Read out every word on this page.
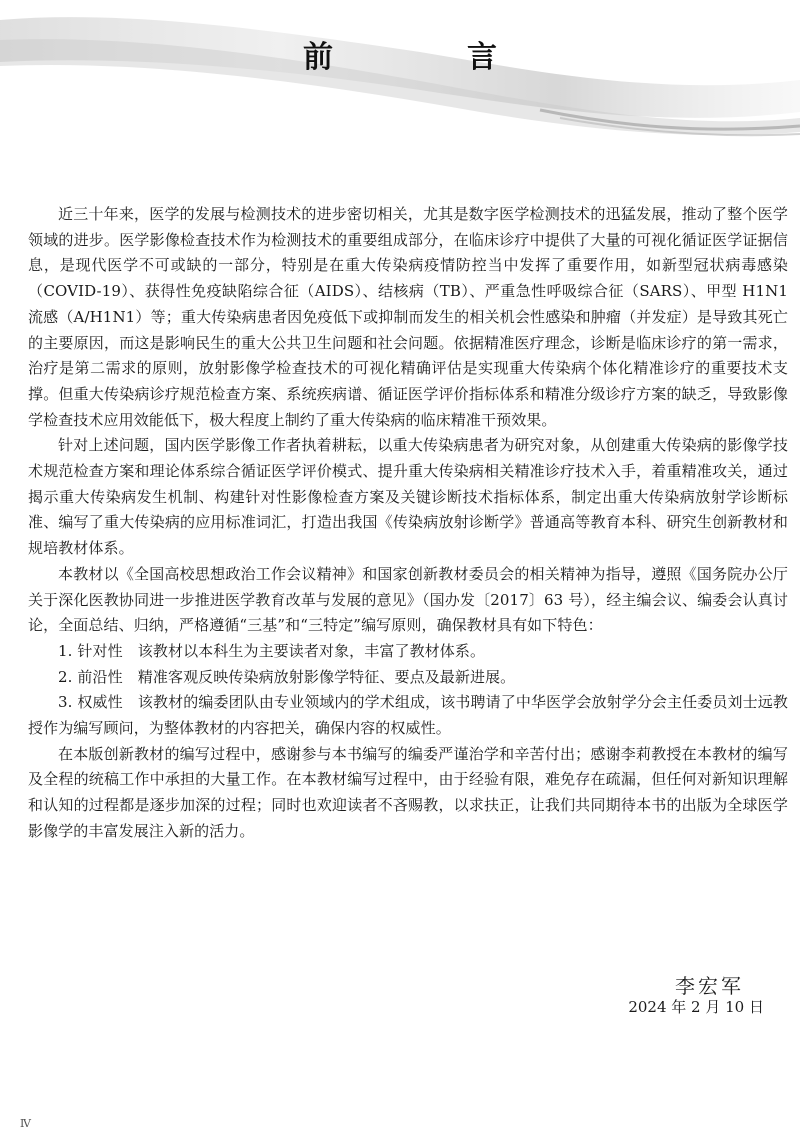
前　言

近三十年来，医学的发展与检测技术的进步密切相关，尤其是数字医学检测技术的迅猛发展，推动了整个医学领域的进步。医学影像检查技术作为检测技术的重要组成部分，在临床诊疗中提供了大量的可视化循证医学证据信息，是现代医学不可或缺的一部分，特别是在重大传染病疫情防控当中发挥了重要作用，如新型冠状病毒感染（COVID-19）、获得性免疫缺陷综合征（AIDS）、结核病（TB）、严重急性呼吸综合征（SARS）、甲型 H1N1 流感（A/H1N1）等；重大传染病患者因免疫低下或抑制而发生的相关机会性感染和肿瘤（并发症）是导致其死亡的主要原因，而这是影响民生的重大公共卫生问题和社会问题。依据精准医疗理念，诊断是临床诊疗的第一需求，治疗是第二需求的原则，放射影像学检查技术的可视化精确评估是实现重大传染病个体化精准诊疗的重要技术支撑。但重大传染病诊疗规范检查方案、系统疾病谱、循证医学评价指标体系和精准分级诊疗方案的缺乏，导致影像学检查技术应用效能低下，极大程度上制约了重大传染病的临床精准干预效果。

针对上述问题，国内医学影像工作者执着耕耘，以重大传染病患者为研究对象，从创建重大传染病的影像学技术规范检查方案和理论体系综合循证医学评价模式、提升重大传染病相关精准诊疗技术入手，着重精准攻关，通过揭示重大传染病发生机制、构建针对性影像检查方案及关键诊断技术指标体系，制定出重大传染病放射学诊断标准、编写了重大传染病的应用标准词汇，打造出我国《传染病放射诊断学》普通高等教育本科、研究生创新教材和规培教材体系。

本教材以《全国高校思想政治工作会议精神》和国家创新教材委员会的相关精神为指导，遵照《国务院办公厅关于深化医教协同进一步推进医学教育改革与发展的意见》（国办发〔2017〕63 号），经主编会议、编委会认真讨论，全面总结、归纳，严格遵循“三基”和“三特定”编写原则，确保教材具有如下特色：

1. 针对性　该教材以本科生为主要读者对象，丰富了教材体系。

2. 前沿性　精准客观反映传染病放射影像学特征、要点及最新进展。

3. 权威性　该教材的编委团队由专业领域内的学术组成，该书聘请了中华医学会放射学分会主任委员刘士远教授作为编写顾问，为整体教材的内容把关，确保内容的权威性。

在本版创新教材的编写过程中，感谢参与本书编写的编委严谨治学和辛苦付出；感谢李莉教授在本教材的编写及全程的统稿工作中承担的大量工作。在本教材编写过程中，由于经验有限，难免存在疏漏，但任何对新知识理解和认知的过程都是逐步加深的过程；同时也欢迎读者不吝赐教，以求扶正，让我们共同期待本书的出版为全球医学影像学的丰富发展注入新的活力。

李宏军
2024 年 2 月 10 日
Ⅳ
